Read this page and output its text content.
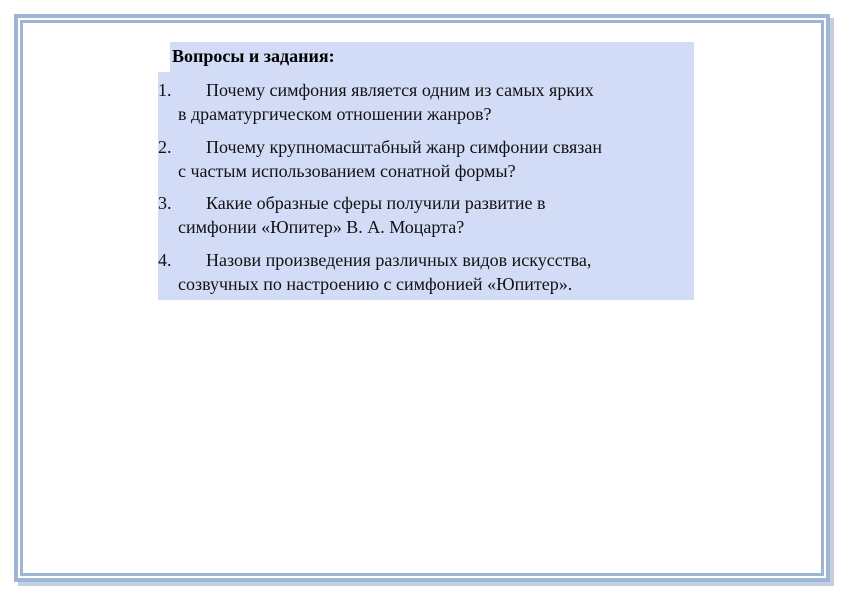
Вопросы и задания:
1. Почему симфония является одним из самых ярких
в драматургическом отношении жанров?
2. Почему крупномасштабный жанр симфонии связан
с частым использованием сонатной формы?
3. Какие образные сферы получили развитие в
симфонии «Юпитер» В. А. Моцарта?
4. Назови произведения различных видов искусства,
созвучных по настроению с симфонией «Юпитер».
